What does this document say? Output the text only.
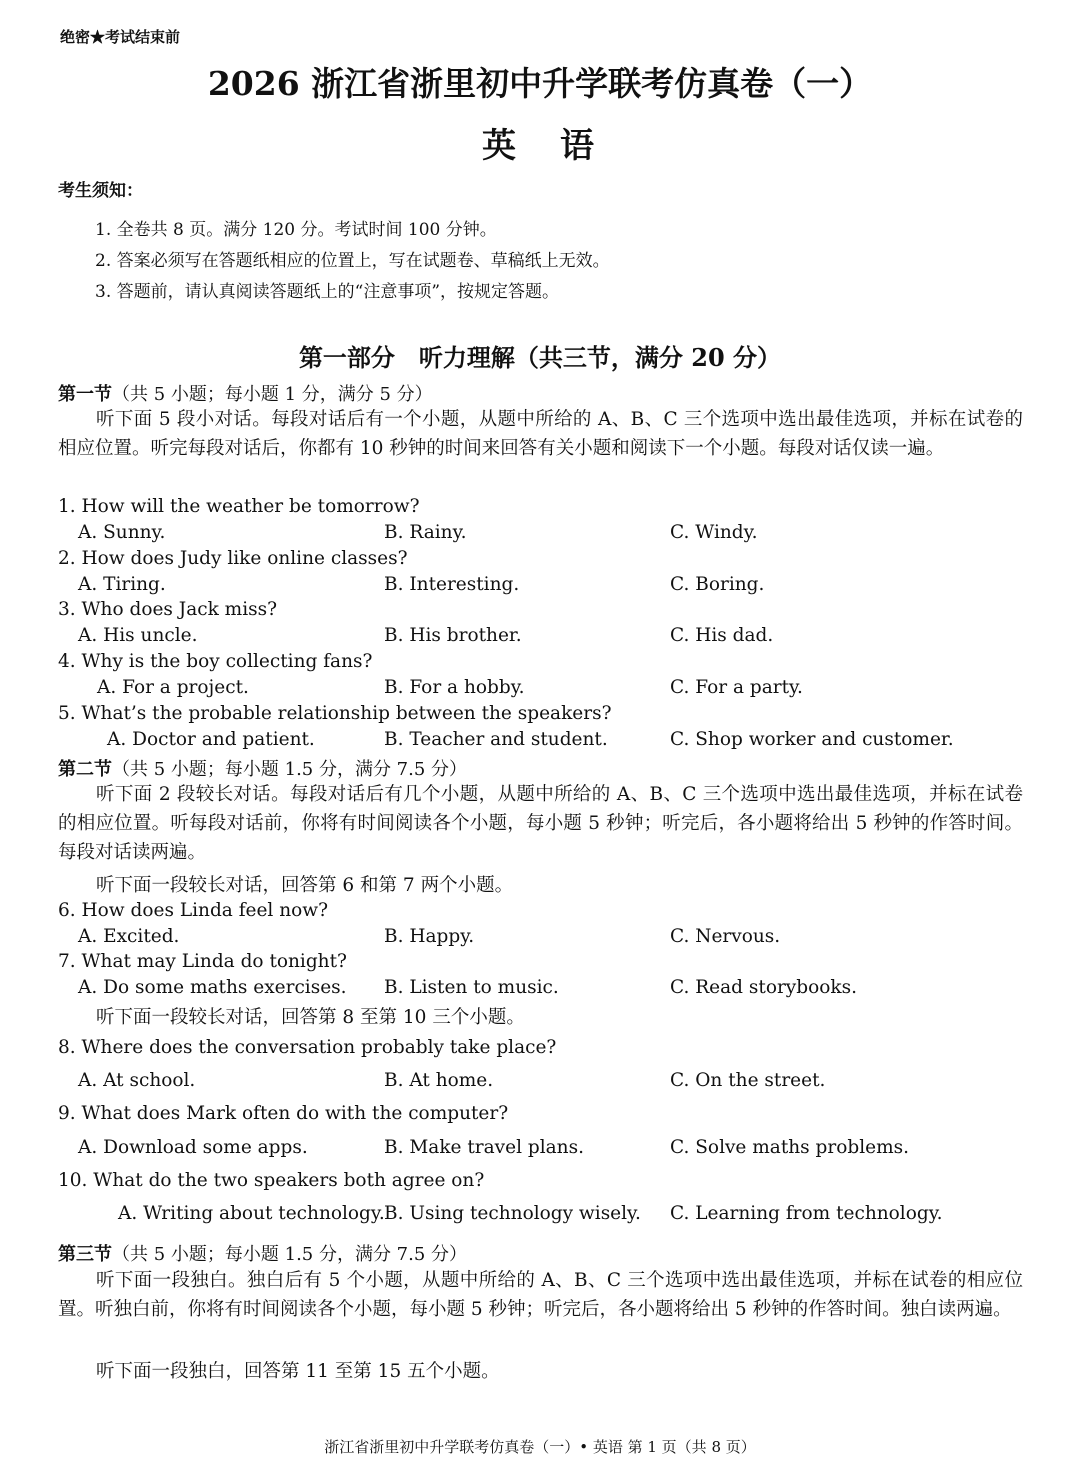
绝密★考试结束前
2026 浙江省浙里初中升学联考仿真卷（一）
英语
考生须知：
1. 全卷共 8 页。满分 120 分。考试时间 100 分钟。
2. 答案必须写在答题纸相应的位置上，写在试题卷、草稿纸上无效。
3. 答题前，请认真阅读答题纸上的“注意事项”，按规定答题。
第一部分　听力理解（共三节，满分 20 分）
第一节（共 5 小题；每小题 1 分，满分 5 分）
听下面 5 段小对话。每段对话后有一个小题，从题中所给的 A、B、C 三个选项中选出最佳选项，并标在试卷的相应位置。听完每段对话后，你都有 10 秒钟的时间来回答有关小题和阅读下一个小题。每段对话仅读一遍。
1. How will the weather be tomorrow?
A. Sunny.	B. Rainy.	C. Windy.
2. How does Judy like online classes?
A. Tiring.	B. Interesting.	C. Boring.
3. Who does Jack miss?
A. His uncle.	B. His brother.	C. His dad.
4. Why is the boy collecting fans?
A. For a project.	B. For a hobby.	C. For a party.
5. What’s the probable relationship between the speakers?
A. Doctor and patient.	B. Teacher and student.	C. Shop worker and customer.
第二节（共 5 小题；每小题 1.5 分，满分 7.5 分）
听下面 2 段较长对话。每段对话后有几个小题，从题中所给的 A、B、C 三个选项中选出最佳选项，并标在试卷的相应位置。听每段对话前，你将有时间阅读各个小题，每小题 5 秒钟；听完后，各小题将给出 5 秒钟的作答时间。每段对话读两遍。
听下面一段较长对话，回答第 6 和第 7 两个小题。
6. How does Linda feel now?
A. Excited.	B. Happy.	C. Nervous.
7. What may Linda do tonight?
A. Do some maths exercises. B. Listen to music.	C. Read storybooks.
听下面一段较长对话，回答第 8 至第 10 三个小题。
8. Where does the conversation probably take place?
A. At school.	B. At home.	C. On the street.
9. What does Mark often do with the computer?
A. Download some apps.	B. Make travel plans.	C. Solve maths problems.
10. What do the two speakers both agree on?
A. Writing about technology. B. Using technology wisely. C. Learning from technology.
第三节（共 5 小题；每小题 1.5 分，满分 7.5 分）
听下面一段独白。独白后有 5 个小题，从题中所给的 A、B、C 三个选项中选出最佳选项，并标在试卷的相应位置。听独白前，你将有时间阅读各个小题，每小题 5 秒钟；听完后，各小题将给出 5 秒钟的作答时间。独白读两遍。
听下面一段独白，回答第 11 至第 15 五个小题。
浙江省浙里初中升学联考仿真卷（一）• 英语 第 1 页（共 8 页）
